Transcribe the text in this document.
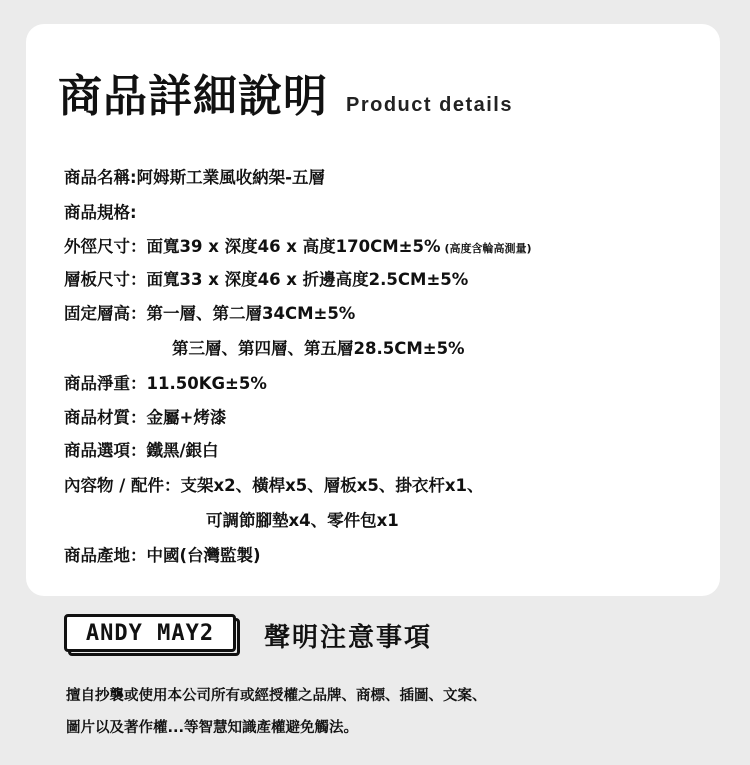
商品詳細說明 Product details
商品名稱:阿姆斯工業風收納架-五層
商品規格:
外徑尺寸：面寬39 x 深度46 x 高度170CM±5% (高度含輪高測量)
層板尺寸：面寬33 x 深度46 x 折邊高度2.5CM±5%
固定層高：第一層、第二層34CM±5%
第三層、第四層、第五層28.5CM±5%
商品淨重：11.50KG±5%
商品材質：金屬+烤漆
商品選項：鐵黑/銀白
內容物 / 配件：支架x2、橫桿x5、層板x5、掛衣杆x1、
可調節腳墊x4、零件包x1
商品產地：中國(台灣監製)
ANDY MAY2 聲明注意事項
擅自抄襲或使用本公司所有或經授權之品牌、商標、插圖、文案、
圖片以及著作權...等智慧知識產權避免觸法。
